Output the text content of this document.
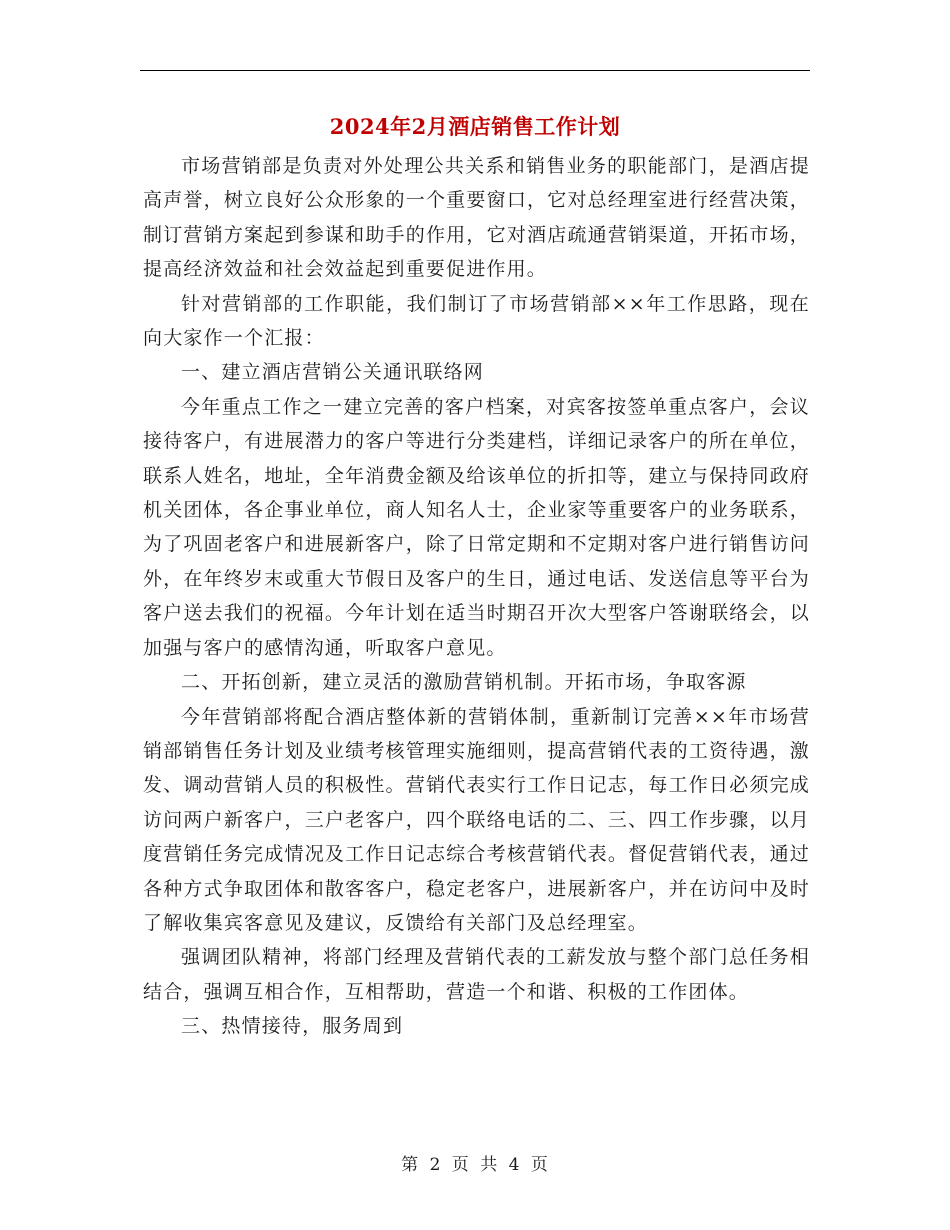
2024年2月酒店销售工作计划

市场营销部是负责对外处理公共关系和销售业务的职能部门，是酒店提高声誉，树立良好公众形象的一个重要窗口，它对总经理室进行经营决策，制订营销方案起到参谋和助手的作用，它对酒店疏通营销渠道，开拓市场，提高经济效益和社会效益起到重要促进作用。

针对营销部的工作职能，我们制订了市场营销部××年工作思路，现在向大家作一个汇报：

一、建立酒店营销公关通讯联络网

今年重点工作之一建立完善的客户档案，对宾客按签单重点客户，会议接待客户，有进展潜力的客户等进行分类建档，详细记录客户的所在单位，联系人姓名，地址，全年消费金额及给该单位的折扣等，建立与保持同政府机关团体，各企事业单位，商人知名人士，企业家等重要客户的业务联系，为了巩固老客户和进展新客户，除了日常定期和不定期对客户进行销售访问外，在年终岁末或重大节假日及客户的生日，通过电话、发送信息等平台为客户送去我们的祝福。今年计划在适当时期召开次大型客户答谢联络会，以加强与客户的感情沟通，听取客户意见。

二、开拓创新，建立灵活的激励营销机制。开拓市场，争取客源

今年营销部将配合酒店整体新的营销体制，重新制订完善××年市场营销部销售任务计划及业绩考核管理实施细则，提高营销代表的工资待遇，激发、调动营销人员的积极性。营销代表实行工作日记志，每工作日必须完成访问两户新客户，三户老客户，四个联络电话的二、三、四工作步骤，以月度营销任务完成情况及工作日记志综合考核营销代表。督促营销代表，通过各种方式争取团体和散客客户，稳定老客户，进展新客户，并在访问中及时了解收集宾客意见及建议，反馈给有关部门及总经理室。

强调团队精神，将部门经理及营销代表的工薪发放与整个部门总任务相结合，强调互相合作，互相帮助，营造一个和谐、积极的工作团体。

三、热情接待，服务周到

第 2 页 共 4 页
